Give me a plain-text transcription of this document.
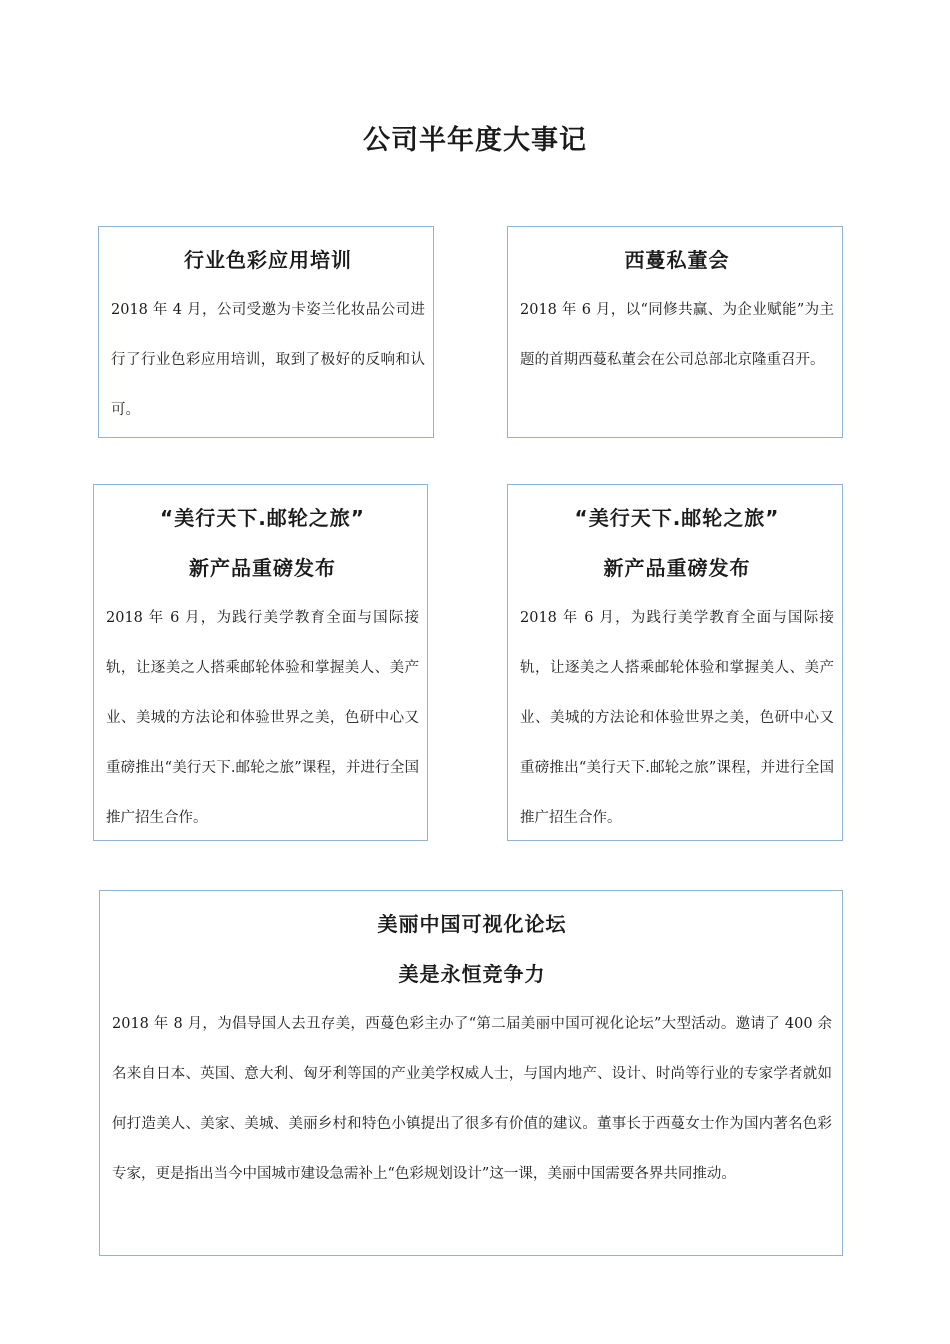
公司半年度大事记
行业色彩应用培训

2018 年 4 月，公司受邀为卡姿兰化妆品公司进行了行业色彩应用培训，取到了极好的反响和认可。

西蔓私董会

2018 年 6 月，以“同修共赢、为企业赋能”为主题的首期西蔓私董会在公司总部北京隆重召开。

“美行天下.邮轮之旅”
新产品重磅发布

2018 年 6 月，为践行美学教育全面与国际接轨，让逐美之人搭乘邮轮体验和掌握美人、美产业、美城的方法论和体验世界之美，色研中心又重磅推出“美行天下.邮轮之旅”课程，并进行全国推广招生合作。

“美行天下.邮轮之旅”
新产品重磅发布

2018 年 6 月，为践行美学教育全面与国际接轨，让逐美之人搭乘邮轮体验和掌握美人、美产业、美城的方法论和体验世界之美，色研中心又重磅推出“美行天下.邮轮之旅”课程，并进行全国推广招生合作。

美丽中国可视化论坛
美是永恒竞争力

2018 年 8 月，为倡导国人去丑存美，西蔓色彩主办了“第二届美丽中国可视化论坛”大型活动。邀请了 400 余名来自日本、英国、意大利、匈牙利等国的产业美学权威人士，与国内地产、设计、时尚等行业的专家学者就如何打造美人、美家、美城、美丽乡村和特色小镇提出了很多有价值的建议。董事长于西蔓女士作为国内著名色彩专家，更是指出当今中国城市建设急需补上“色彩规划设计”这一课，美丽中国需要各界共同推动。
